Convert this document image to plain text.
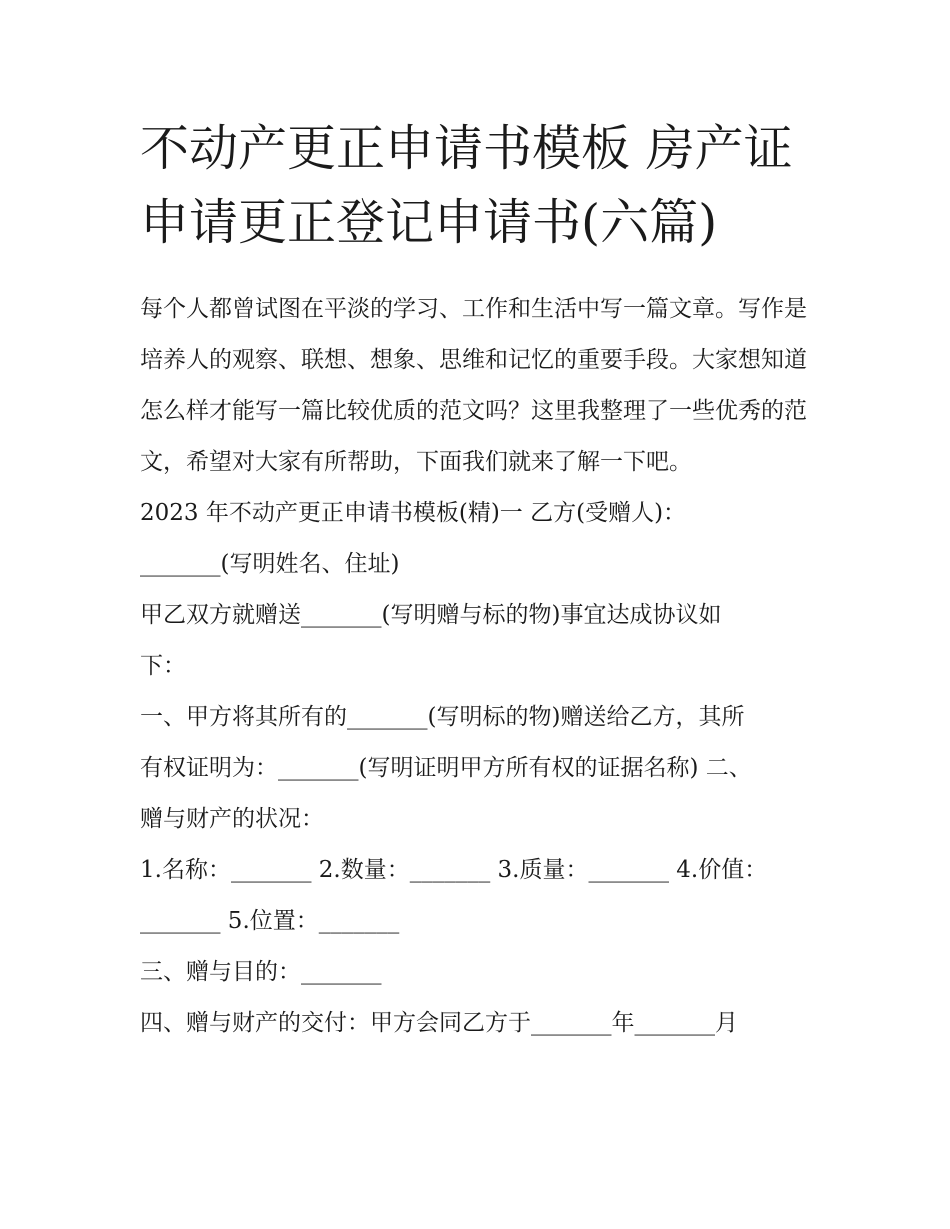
不动产更正申请书模板 房产证申请更正登记申请书(六篇)

每个人都曾试图在平淡的学习、工作和生活中写一篇文章。写作是培养人的观察、联想、想象、思维和记忆的重要手段。大家想知道怎么样才能写一篇比较优质的范文吗？这里我整理了一些优秀的范文，希望对大家有所帮助，下面我们就来了解一下吧。

2023 年不动产更正申请书模板(精)一 乙方(受赠人)：
_______(写明姓名、住址)
甲乙双方就赠送_______(写明赠与标的物)事宜达成协议如
下：
一、甲方将其所有的_______(写明标的物)赠送给乙方，其所
有权证明为：_______(写明证明甲方所有权的证据名称) 二、
赠与财产的状况：
1.名称：_______ 2.数量：_______ 3.质量：_______ 4.价值：
_______ 5.位置：_______
三、赠与目的：_______
四、赠与财产的交付：甲方会同乙方于_______年_______月
